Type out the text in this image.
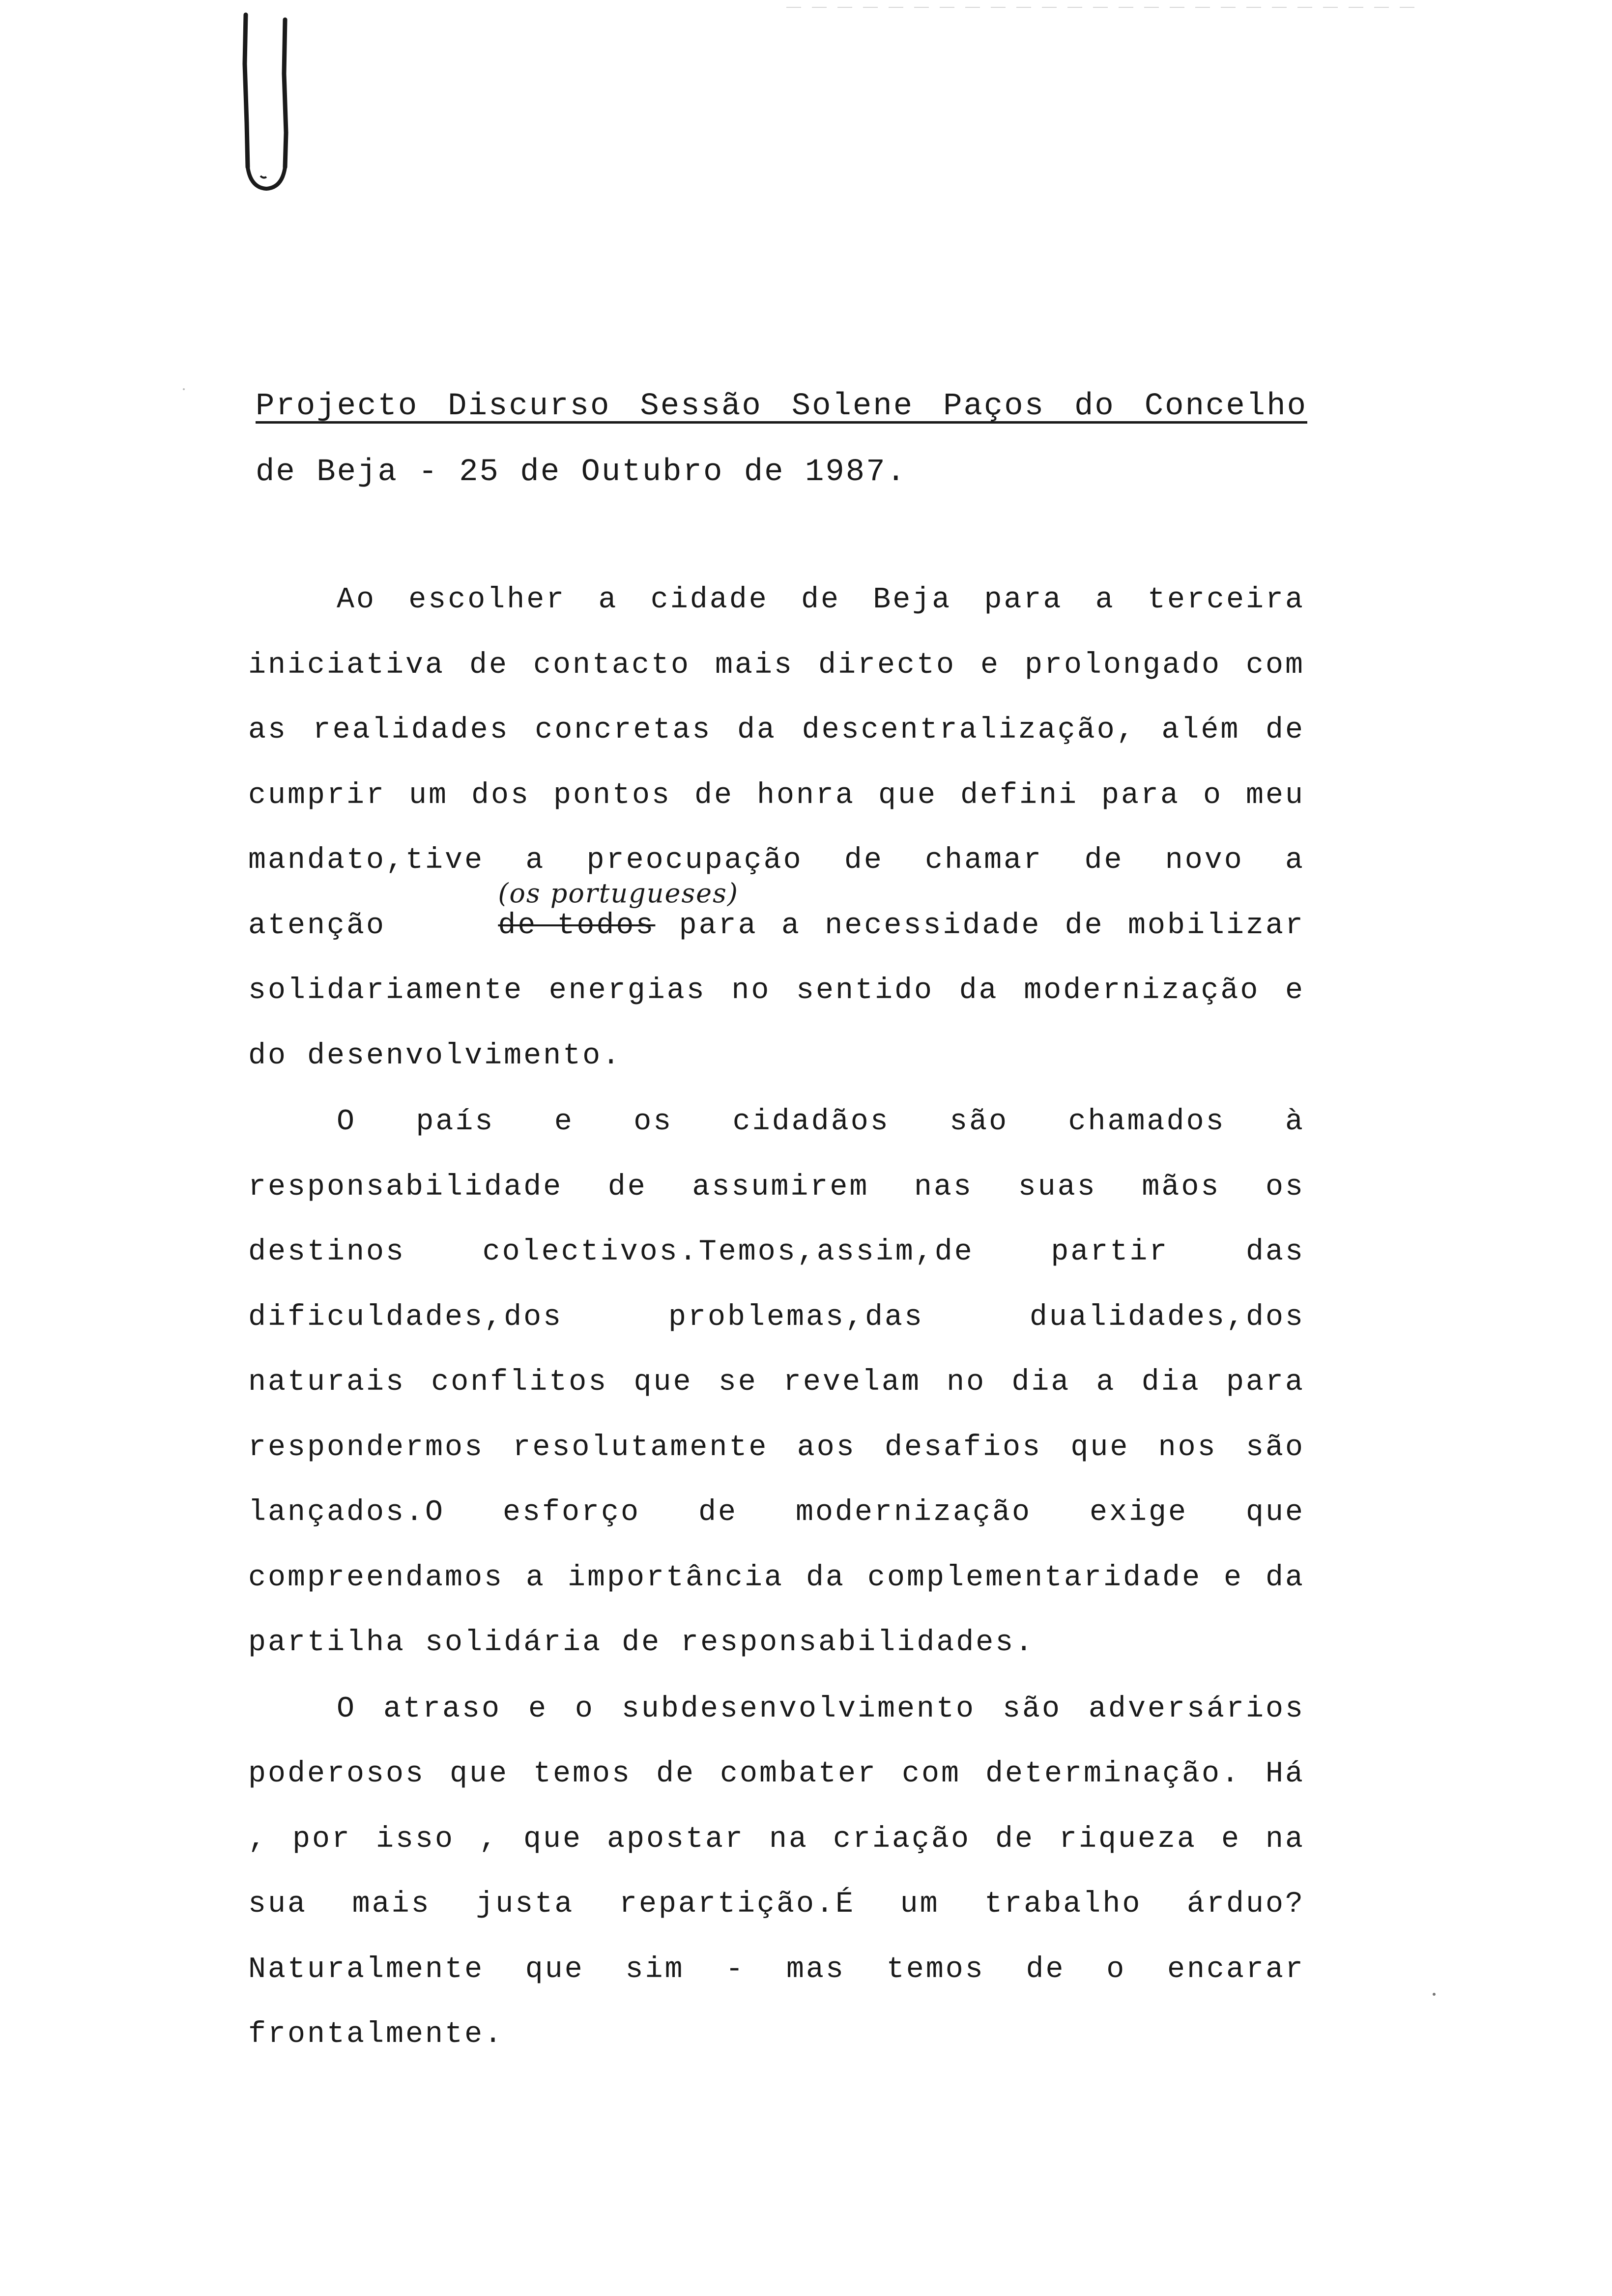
Projecto Discurso Sessão Solene Paços do Concelho
de Beja - 25 de Outubro de 1987.

Ao escolher a cidade de Beja para a terceira iniciativa de contacto mais directo e prolongado com as realidades concretas da descentralização, além de cumprir um dos pontos de honra que defini para o meu mandato,tive a preocupação de chamar de novo a atenção
(os portugueses)
de todos para a necessidade de mobilizar solidariamente energias no sentido da modernização e do desenvolvimento.

O país e os cidadãos são chamados à responsabilidade de assumirem nas suas mãos os destinos colectivos.Temos,assim,de partir das dificuldades,dos problemas,das dualidades,dos naturais conflitos que se revelam no dia a dia para respondermos resolutamente aos desafios que nos são lançados.O esforço de modernização exige que compreendamos a importância da complementaridade e da partilha solidária de responsabilidades.

O atraso e o subdesenvolvimento são adversários poderosos que temos de combater com determinação. Há , por isso , que apostar na criação de riqueza e na sua mais justa repartição.É um trabalho árduo? Naturalmente que sim - mas temos de o encarar frontalmente.
